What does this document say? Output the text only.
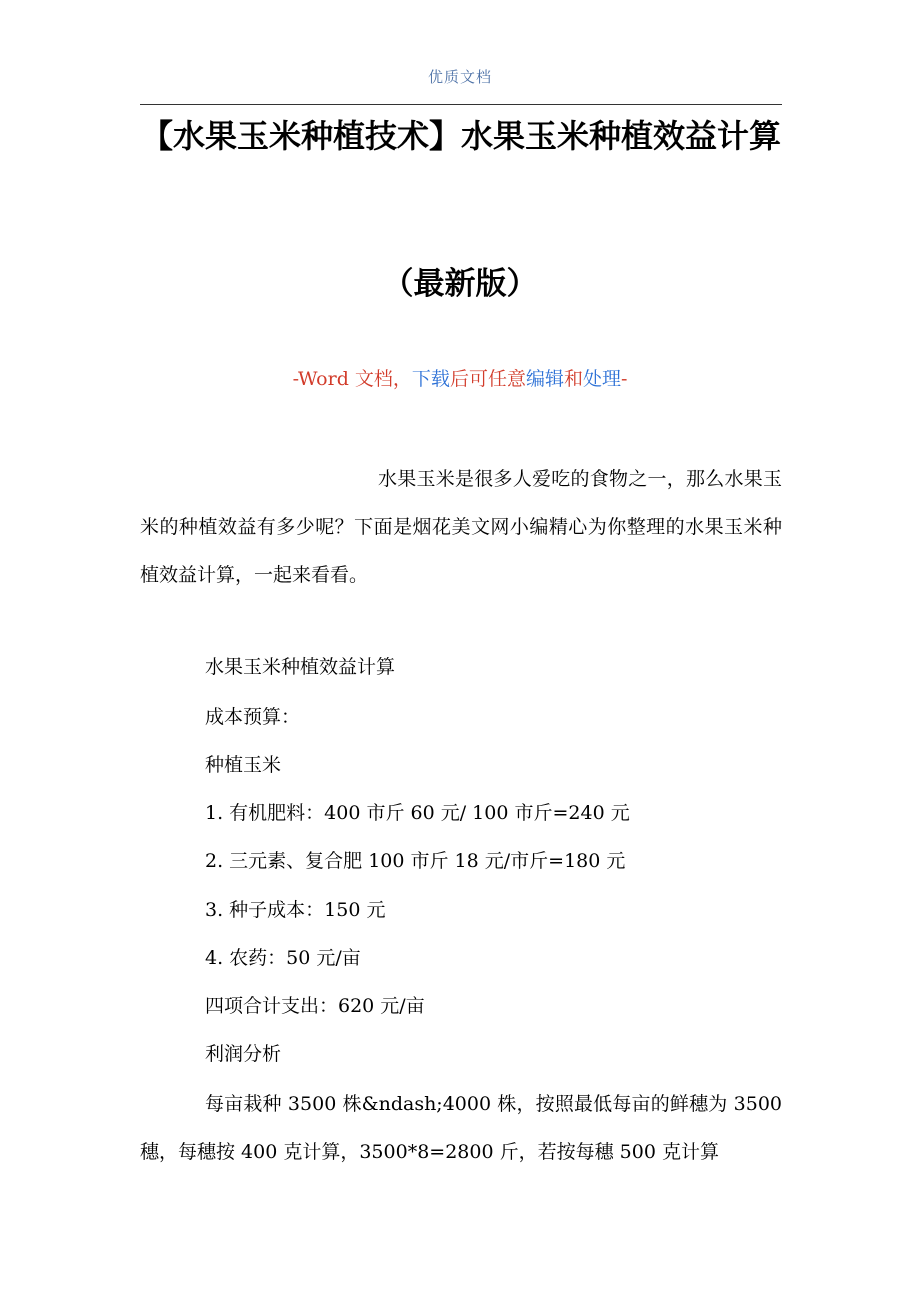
优质文档
【水果玉米种植技术】水果玉米种植效益计算
（最新版）
-Word 文档，下载后可任意编辑和处理-
水果玉米是很多人爱吃的食物之一，那么水果玉米的种植效益有多少呢？下面是烟花美文网小编精心为你整理的水果玉米种植效益计算，一起来看看。
水果玉米种植效益计算
成本预算：
种植玉米
1. 有机肥料：400 市斤 60 元/ 100 市斤=240 元
2. 三元素、复合肥 100 市斤 18 元/市斤=180 元
3. 种子成本：150 元
4. 农药：50 元/亩
四项合计支出：620 元/亩
利润分析
每亩栽种 3500 株&ndash;4000 株，按照最低每亩的鲜穗为 3500 穗，每穗按 400 克计算，3500*8=2800 斤，若按每穗 500 克计算
